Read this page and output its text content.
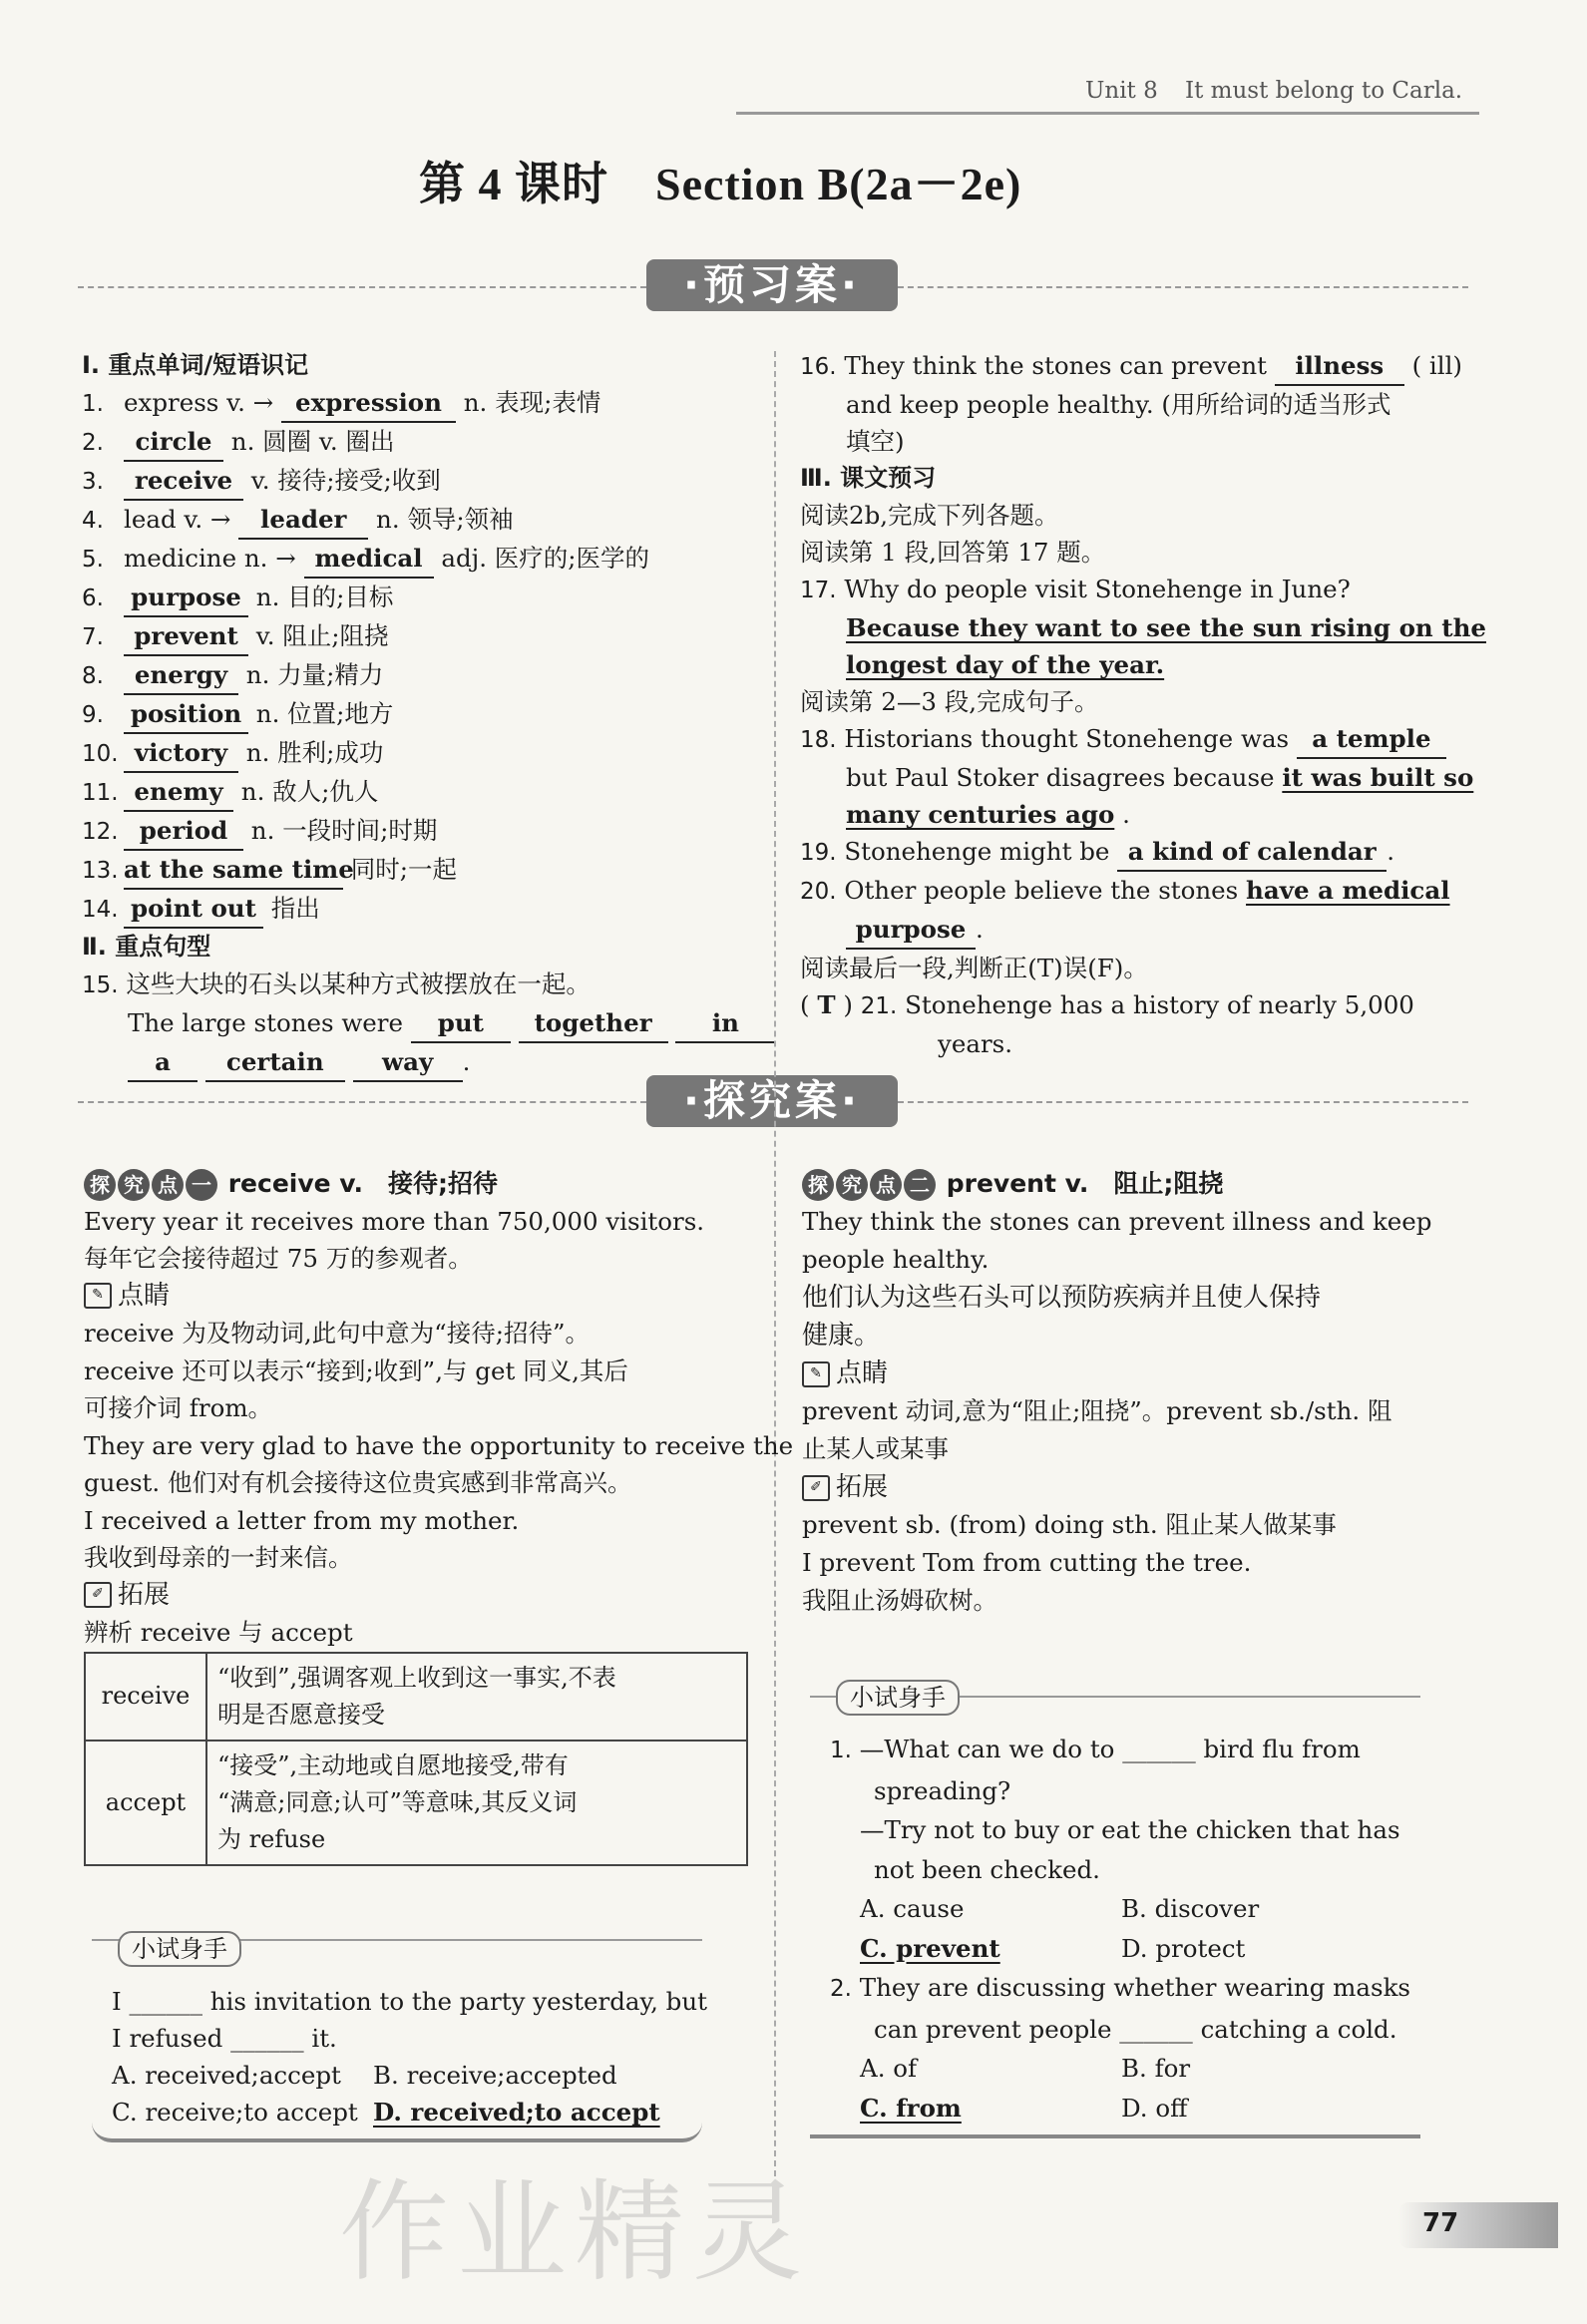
Unit 8 It must belong to Carla.
第 4 课时　Section B(2a－2e)
·预习案·
Ⅰ. 重点单词/短语识记
1. express v. → expression n. 表现;表情
2. circle n. 圆圈 v. 圈出
3. receive v. 接待;接受;收到
4. lead v. → leader n. 领导;领袖
5. medicine n. → medical adj. 医疗的;医学的
6. purpose n. 目的;目标
7. prevent v. 阻止;阻挠
8. energy n. 力量;精力
9. position n. 位置;地方
10. victory n. 胜利;成功
11. enemy n. 敌人;仇人
12. period n. 一段时间;时期
13. at the same time 同时;一起
14. point out 指出
Ⅱ. 重点句型
15. 这些大块的石头以某种方式被摆放在一起。
The large stones were put together in
a certain way .
16. They think the stones can prevent illness ( ill)
and keep people healthy. (用所给词的适当形式
填空)
Ⅲ. 课文预习
阅读2b,完成下列各题。
阅读第 1 段,回答第 17 题。
17. Why do people visit Stonehenge in June?
Because they want to see the sun rising on the
longest day of the year.
阅读第 2—3 段,完成句子。
18. Historians thought Stonehenge was a temple
but Paul Stoker disagrees because it was built so
many centuries ago .
19. Stonehenge might be a kind of calendar .
20. Other people believe the stones have a medical
purpose .
阅读最后一段,判断正(T)误(F)。
( T ) 21. Stonehenge has a history of nearly 5,000
years.
·探究案·
探 究 点 一 receive v.　接待;招待
Every year it receives more than 750,000 visitors.
每年它会接待超过 75 万的参观者。
✎ 点睛
receive 为及物动词,此句中意为“接待;招待”。
receive 还可以表示“接到;收到”,与 get 同义,其后
可接介词 from。
They are very glad to have the opportunity to receive the
guest. 他们对有机会接待这位贵宾感到非常高兴。
I received a letter from my mother.
我收到母亲的一封来信。
✐ 拓展
辨析 receive 与 accept
receive	“收到”,强调客观上收到这一事实,不表
明是否愿意接受

accept	“接受”,主动地或自愿地接受,带有
“满意;同意;认可”等意味,其反义词
为 refuse
小试身手
I ______ his invitation to the party yesterday, but
I refused ______ it.
A. received;accept B. receive;accepted
C. receive;to accept D. received;to accept
探 究 点 二 prevent v.　阻止;阻挠
They think the stones can prevent illness and keep
people healthy.
他们认为这些石头可以预防疾病并且使人保持
健康。
✎ 点睛
prevent 动词,意为“阻止;阻挠”。prevent sb./sth. 阻
止某人或某事
✐ 拓展
prevent sb. (from) doing sth. 阻止某人做某事
I prevent Tom from cutting the tree.
我阻止汤姆砍树。
小试身手
1. —What can we do to ______ bird flu from
spreading?
—Try not to buy or eat the chicken that has
not been checked.
A. cause	B. discover
C. prevent	D. protect
2. They are discussing whether wearing masks
can prevent people ______ catching a cold.
A. of	B. for
C. from	D. off
作业精灵	77
